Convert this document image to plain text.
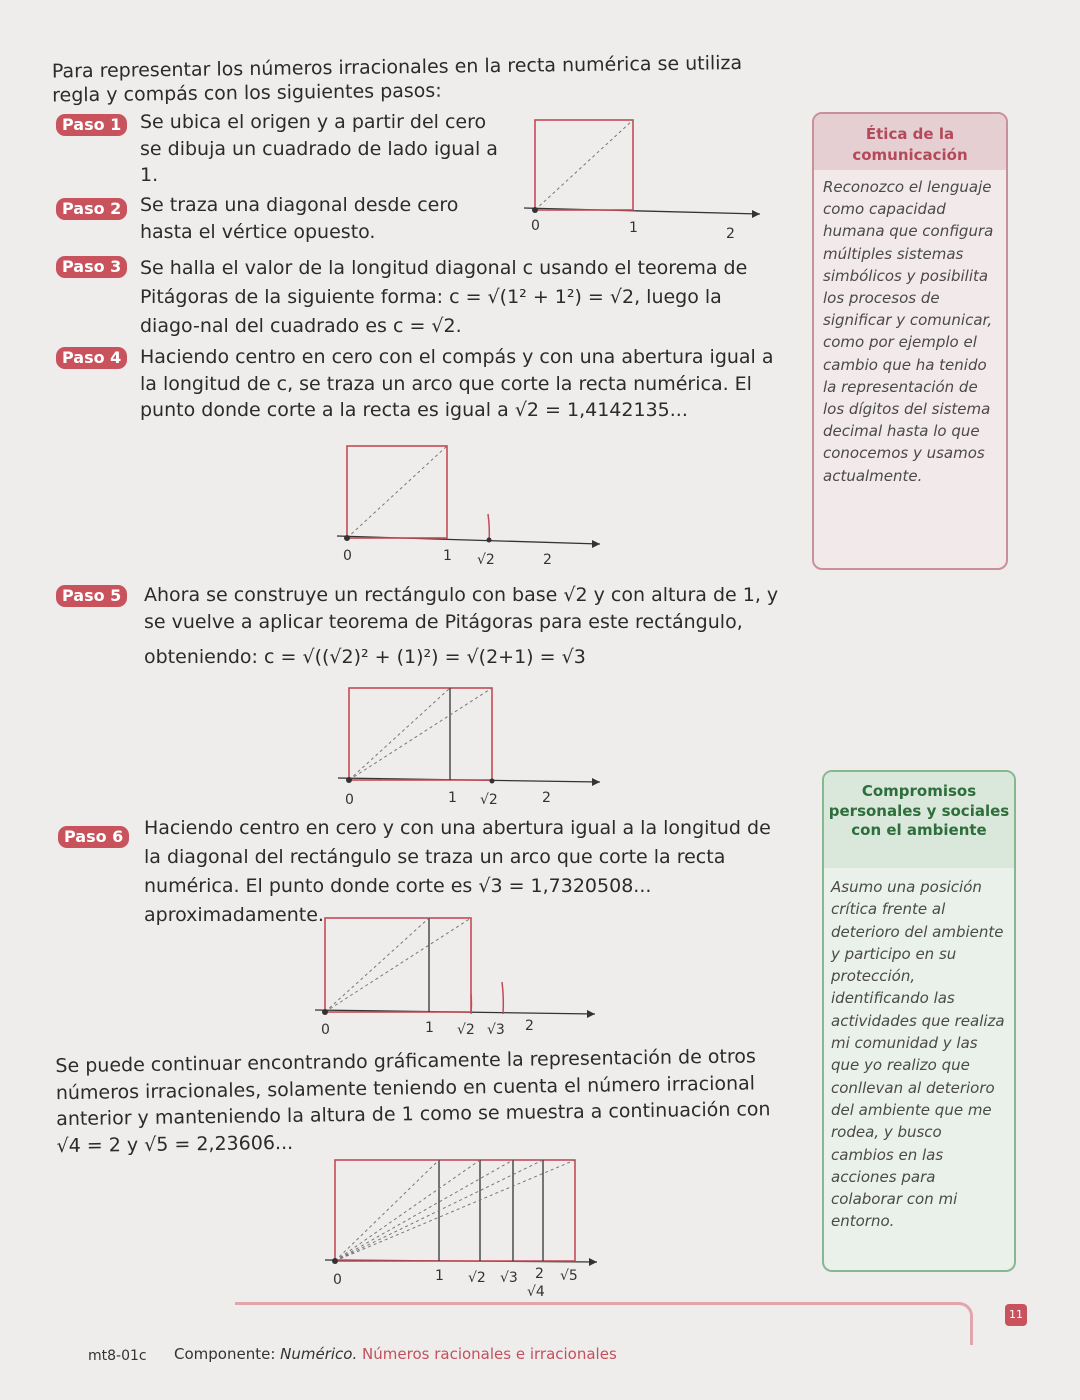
Para representar los números irracionales en la recta numérica se utiliza regla y compás con los siguientes pasos:
Paso 1 Se ubica el origen y a partir del cero se dibuja un cuadrado de lado igual a 1.
0	1	2
Paso 2 Se traza una diagonal desde cero hasta el vértice opuesto.
Paso 3 Se halla el valor de la longitud diagonal c usando el teorema de Pitágoras de la siguiente forma: c = √(1² + 1²) = √2, luego la diago-nal del cuadrado es c = √2.
Paso 4 Haciendo centro en cero con el compás y con una abertura igual a la longitud de c, se traza un arco que corte la recta numérica. El punto donde corte a la recta es igual a √2 = 1,4142135...
0	1 √2	2
Paso 5	Ahora se construye un rectángulo con base √2 y con altura de 1, y se vuelve a aplicar teorema de Pitágoras para este rectángulo,
obteniendo: c = √((√2)² + (1)²) = √(2+1) = √3
0	1 √2	2
Paso 6	Haciendo centro en cero y con una abertura igual a la longitud de la diagonal del rectángulo se traza un arco que corte la recta numérica. El punto donde corte es √3 = 1,7320508... aproximadamente.
0	1 √2 √3 2
Se puede continuar encontrando gráficamente la representación de otros números irracionales, solamente teniendo en cuenta el número irracional anterior y manteniendo la altura de 1 como se muestra a continuación con √4 = 2 y √5 = 2,23606...
0	1 √2 √3 2
√4
√5
Ética de la comunicación
Reconozco el lenguaje como capacidad humana que configura múltiples sistemas simbólicos y posibilita los procesos de significar y comunicar, como por ejemplo el cambio que ha tenido la representación de los dígitos del sistema decimal hasta lo que conocemos y usamos actualmente.
Compromisos personales y sociales con el ambiente
Asumo una posición crítica frente al deterioro del ambiente y participo en su protección, identificando las actividades que realiza mi comunidad y las que yo realizo que conllevan al deterioro del ambiente que me rodea, y busco cambios en las acciones para colaborar con mi entorno.
mt8-01c Componente: Numérico. Números racionales e irracionales
11
